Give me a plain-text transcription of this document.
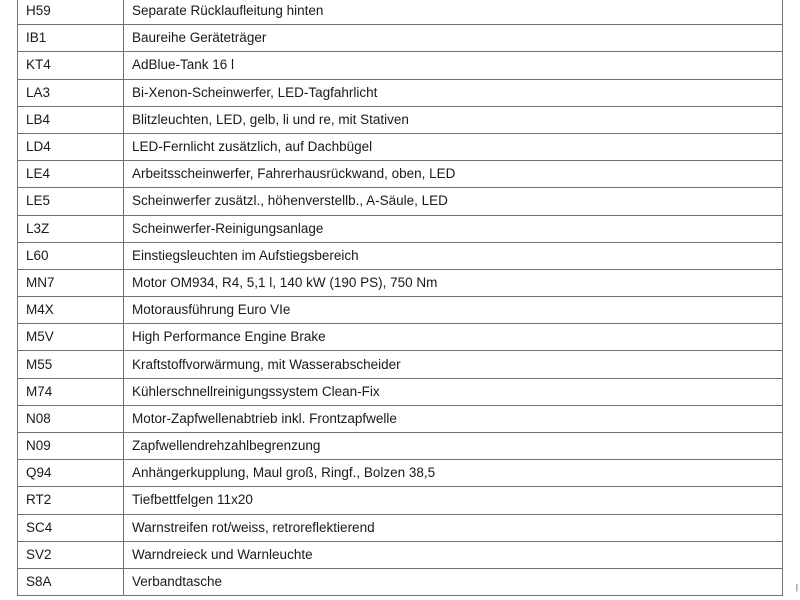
H59	Separate Rücklaufleitung hinten
IB1	Baureihe Geräteträger
KT4	AdBlue-Tank 16 l
LA3	Bi-Xenon-Scheinwerfer, LED-Tagfahrlicht
LB4	Blitzleuchten, LED, gelb, li und re, mit Stativen
LD4	LED-Fernlicht zusätzlich, auf Dachbügel
LE4	Arbeitsscheinwerfer, Fahrerhausrückwand, oben, LED
LE5	Scheinwerfer zusätzl., höhenverstellb., A-Säule, LED
L3Z	Scheinwerfer-Reinigungsanlage
L60	Einstiegsleuchten im Aufstiegsbereich
MN7	Motor OM934, R4, 5,1 l, 140 kW (190 PS), 750 Nm
M4X	Motorausführung Euro VIe
M5V	High Performance Engine Brake
M55	Kraftstoffvorwärmung, mit Wasserabscheider
M74	Kühlerschnellreinigungssystem Clean-Fix
N08	Motor-Zapfwellenabtrieb inkl. Frontzapfwelle
N09	Zapfwellendrehzahlbegrenzung
Q94	Anhängerkupplung, Maul groß, Ringf., Bolzen 38,5
RT2	Tiefbettfelgen 11x20
SC4	Warnstreifen rot/weiss, retroreflektierend
SV2	Warndreieck und Warnleuchte
S8A	Verbandtasche	|
